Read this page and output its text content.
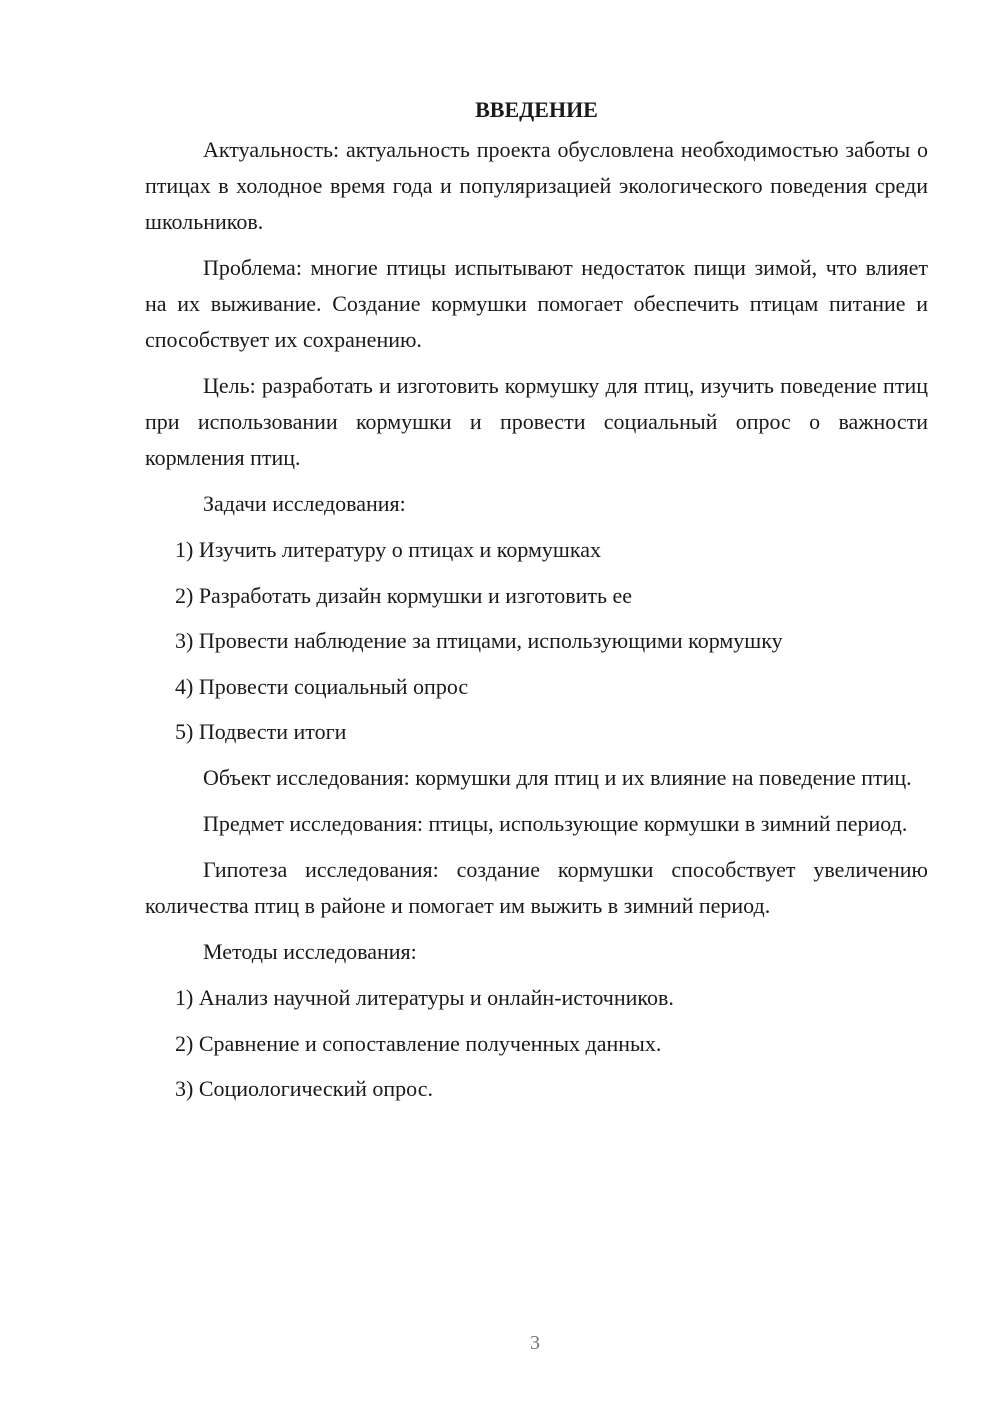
ВВЕДЕНИЕ

Актуальность: актуальность проекта обусловлена необходимостью заботы о птицах в холодное время года и популяризацией экологического поведения среди школьников.

Проблема: многие птицы испытывают недостаток пищи зимой, что влияет на их выживание. Создание кормушки помогает обеспечить птицам питание и способствует их сохранению.

Цель: разработать и изготовить кормушку для птиц, изучить поведение птиц при использовании кормушки и провести социальный опрос о важности кормления птиц.

Задачи исследования:

1) Изучить литературу о птицах и кормушках
2) Разработать дизайн кормушки и изготовить ее
3) Провести наблюдение за птицами, использующими кормушку
4) Провести социальный опрос
5) Подвести итоги

Объект исследования: кормушки для птиц и их влияние на поведение птиц.

Предмет исследования: птицы, использующие кормушки в зимний период.

Гипотеза исследования: создание кормушки способствует увеличению количества птиц в районе и помогает им выжить в зимний период.

Методы исследования:

1) Анализ научной литературы и онлайн-источников.
2) Сравнение и сопоставление полученных данных.
3) Социологический опрос.
3
